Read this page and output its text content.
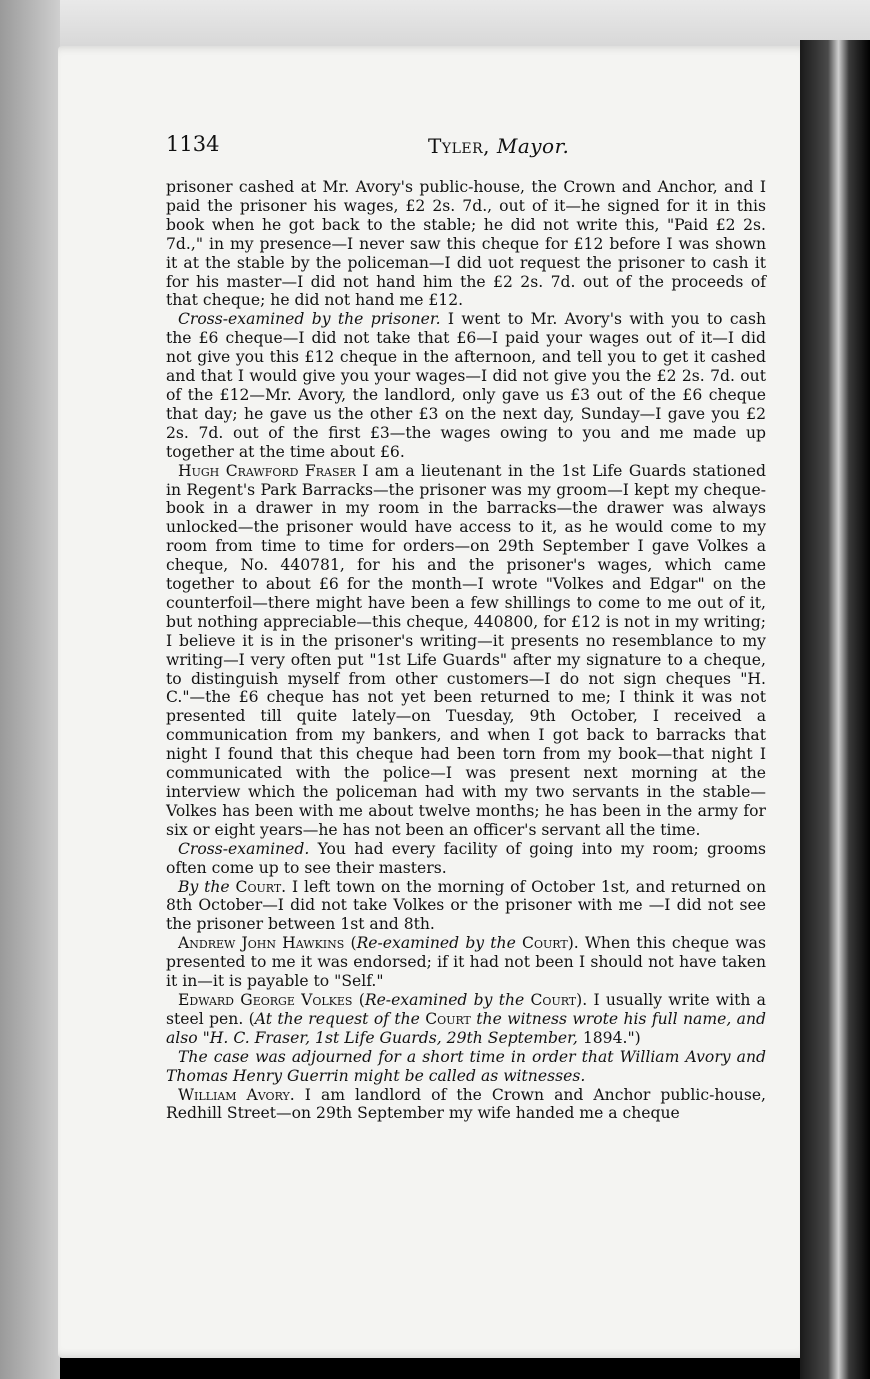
1134	Tyler, Mayor.

prisoner cashed at Mr. Avory's public-house, the Crown and Anchor, and I paid the prisoner his wages, £2 2s. 7d., out of it—he signed for it in this book when he got back to the stable; he did not write this, "Paid £2 2s. 7d.," in my presence—I never saw this cheque for £12 before I was shown it at the stable by the policeman—I did uot request the prisoner to cash it for his master—I did not hand him the £2 2s. 7d. out of the proceeds of that cheque; he did not hand me £12.

Cross-examined by the prisoner. I went to Mr. Avory's with you to cash the £6 cheque—I did not take that £6—I paid your wages out of it—I did not give you this £12 cheque in the afternoon, and tell you to get it cashed and that I would give you your wages—I did not give you the £2 2s. 7d. out of the £12—Mr. Avory, the landlord, only gave us £3 out of the £6 cheque that day; he gave us the other £3 on the next day, Sunday—I gave you £2 2s. 7d. out of the first £3—the wages owing to you and me made up together at the time about £6.

Hugh Crawford Fraser I am a lieutenant in the 1st Life Guards stationed in Regent's Park Barracks—the prisoner was my groom—I kept my cheque-book in a drawer in my room in the barracks—the drawer was always unlocked—the prisoner would have access to it, as he would come to my room from time to time for orders—on 29th September I gave Volkes a cheque, No. 440781, for his and the prisoner's wages, which came together to about £6 for the month—I wrote "Volkes and Edgar" on the counterfoil—there might have been a few shillings to come to me out of it, but nothing appreciable—this cheque, 440800, for £12 is not in my writing; I believe it is in the prisoner's writing—it presents no resemblance to my writing—I very often put "1st Life Guards" after my signature to a cheque, to distinguish myself from other customers—I do not sign cheques "H. C."—the £6 cheque has not yet been returned to me; I think it was not presented till quite lately—on Tuesday, 9th October, I received a communication from my bankers, and when I got back to barracks that night I found that this cheque had been torn from my book—that night I communicated with the police—I was present next morning at the interview which the policeman had with my two servants in the stable—Volkes has been with me about twelve months; he has been in the army for six or eight years—he has not been an officer's servant all the time.

Cross-examined. You had every facility of going into my room; grooms often come up to see their masters.

By the Court. I left town on the morning of October 1st, and returned on 8th October—I did not take Volkes or the prisoner with me —I did not see the prisoner between 1st and 8th.

Andrew John Hawkins (Re-examined by the Court). When this cheque was presented to me it was endorsed; if it had not been I should not have taken it in—it is payable to "Self."

Edward George Volkes (Re-examined by the Court). I usually write with a steel pen. (At the request of the Court the witness wrote his full name, and also "H. C. Fraser, 1st Life Guards, 29th September, 1894.")

The case was adjourned for a short time in order that William Avory and Thomas Henry Guerrin might be called as witnesses.

William Avory. I am landlord of the Crown and Anchor public-house, Redhill Street—on 29th September my wife handed me a cheque
